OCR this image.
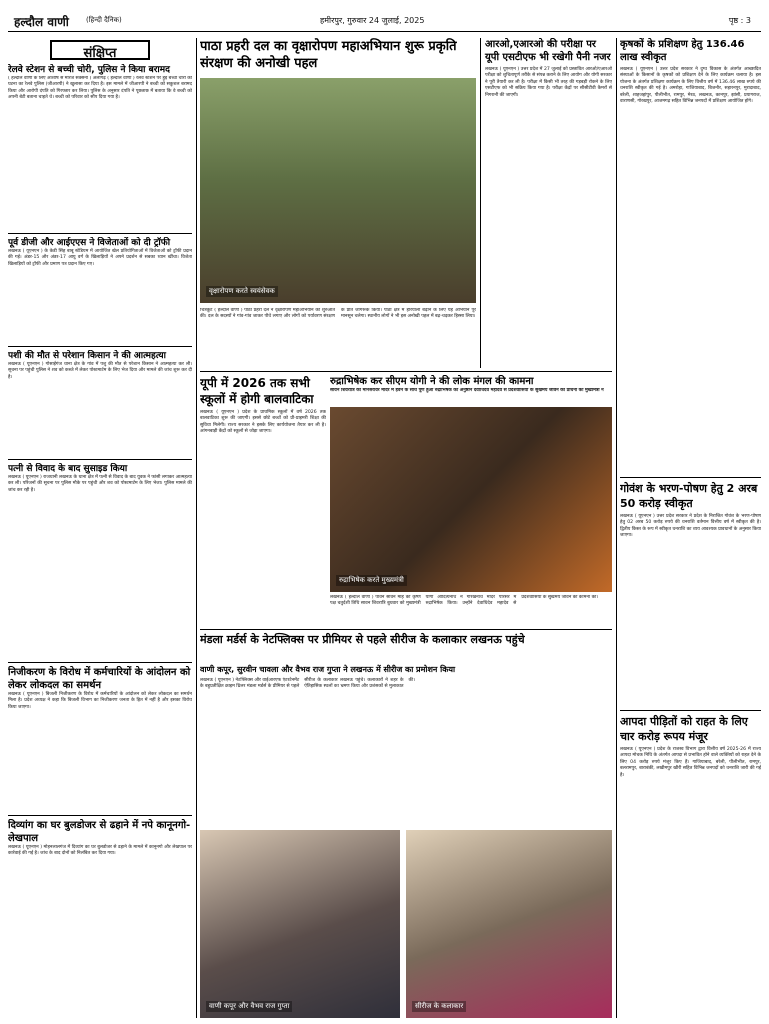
हल्दौल वाणी (हिन्दी दैनिक)	हमीरपुर, गुरुवार 24 जुलाई, 2025	पृष्ठ : 3
संक्षिप्त
रेलवे स्टेशन से बच्ची चोरी, पुलिस ने किया बरामद
( हल्दौल वाणी के लिए आशीष से मोरज सक्सेना ) अलीगढ़ ( हल्दौल वाणी ) रेलवे स्टेशन पर हुई बच्ची चोरी की घटना का रेलवे पुलिस (जीआरपी) ने खुलासा कर दिया है। इस मामले में जीआरपी ने बच्ची को सकुशल बरामद किया और आरोपी दंपति को गिरफ्तार कर लिया। पुलिस के अनुसार दंपति ने पूछताछ में बताया कि वे बच्ची को अपनी बेटी बताना चाहते थे। बच्ची को परिवार को सौंप दिया गया है।
पूर्व डीजी और आईएएस ने विजेताओं को दी ट्रॉफी
लखनऊ ( यूएनएन ) के केडी सिंह बाबू स्टेडियम में आयोजित खेल प्रतियोगिताओं में विजेताओं को ट्रॉफी प्रदान की गई। अंडर-15 और अंडर-17 आयु वर्ग के खिलाड़ियों ने अपने प्रदर्शन से सबका ध्यान खींचा। विजेता खिलाड़ियों को ट्रॉफी और प्रमाण पत्र प्रदान किए गए।
पशी की मौत से परेशान किसान ने की आत्महत्या
लखनऊ ( यूएनएन ) गोसाईगंज थाना क्षेत्र के गांव में पशु की मौत से परेशान किसान ने आत्महत्या कर ली। सूचना पर पहुंची पुलिस ने शव को कब्जे में लेकर पोस्टमार्टम के लिए भेज दिया और मामले की जांच शुरू कर दी है।
पत्नी से विवाद के बाद सुसाइड किया
लखनऊ ( यूएनएन ) राजधानी लखनऊ के थाना क्षेत्र में पत्नी से विवाद के बाद युवक ने फांसी लगाकर आत्महत्या कर ली। परिजनों की सूचना पर पुलिस मौके पर पहुंची और शव को पोस्टमार्टम के लिए भेजा। पुलिस मामले की जांच कर रही है।
निजीकरण के विरोध में कर्मचारियों के आंदोलन को लेकर लोकदल का समर्थन
लखनऊ ( यूएनएन ) बिजली निजीकरण के विरोध में कर्मचारियों के आंदोलन को लेकर लोकदल का समर्थन मिला है। प्रदेश अध्यक्ष ने कहा कि बिजली विभाग का निजीकरण जनता के हित में नहीं है और इसका विरोध किया जाएगा।
दिव्यांग का घर बुलडोजर से ढहाने में नपे कानूनगो-लेखपाल
लखनऊ ( यूएनएन ) मोहनलालगंज में दिव्यांग का घर बुलडोजर से ढहाने के मामले में कानूनगो और लेखपाल पर कार्रवाई की गई है। जांच के बाद दोनों को निलंबित कर दिया गया।
पाठा प्रहरी दल का वृक्षारोपण महाअभियान शुरू प्रकृति संरक्षण की अनोखी पहल
वृक्षारोपण करते स्वयंसेवक
चित्रकूट ( हल्दौल वाणी ) पाठा प्रहरी दल ने वृक्षारोपण महाअभियान की शुरुआत की। दल के सदस्यों ने गांव-गांव जाकर पौधे लगाए और लोगों को पर्यावरण संरक्षण के प्रति जागरूक किया। पाठा क्षेत्र में हरियाली बढ़ाने के लिए यह अभियान पूरे मानसून चलेगा। स्थानीय लोगों ने भी इस अनोखी पहल में बढ़-चढ़कर हिस्सा लिया।
आरओ,एआरओ की परीक्षा पर यूपी एसटीएफ भी रखेगी पैनी नजर
लखनऊ ( यूएनएन ) उत्तर प्रदेश में 27 जुलाई को प्रस्तावित आरओ/एआरओ परीक्षा को शुचितापूर्ण तरीके से संपन्न कराने के लिए आयोग और योगी सरकार ने पूरी तैयारी कर ली है। परीक्षा में किसी भी तरह की गड़बड़ी रोकने के लिए एसटीएफ को भी सक्रिय किया गया है। परीक्षा केंद्रों पर सीसीटीवी कैमरों से निगरानी की जाएगी।
यूपी में 2026 तक सभी स्कूलों में होगी बालवाटिका
लखनऊ ( यूएनएन ) प्रदेश के प्राथमिक स्कूलों में वर्ष 2026 तक बालवाटिका शुरू की जाएगी। इससे छोटे बच्चों को प्री-प्राइमरी शिक्षा की सुविधा मिलेगी। राज्य सरकार ने इसके लिए कार्ययोजना तैयार कर ली है। आंगनबाड़ी केंद्रों को स्कूलों से जोड़ा जाएगा।
रुद्राभिषेक कर सीएम योगी ने की लोक मंगल की कामना
सावन शिवरात्रि को मानसरोवर मंदिर में हवन के साथ पूर्ण हुआ रुद्राभिषेक का अनुष्ठान देवाधिदेव महादेव से प्रदेशवासियों के सुखमय जीवन की प्रार्थना की मुख्यमंत्री ने
रुद्राभिषेक करते मुख्यमंत्री
लखनऊ ( हल्दौल वाणी ) पावन सावन माह की कृष्ण पक्ष चतुर्दशी तिथि सावन शिवरात्रि बुधवार को मुख्यमंत्री योगी आदित्यनाथ ने गोरखनाथ मंदिर परिसर में रुद्राभिषेक किया। उन्होंने देवाधिदेव महादेव से प्रदेशवासियों के सुखमय जीवन की कामना की।
मंडला मर्डर्स के नेटफ्लिक्स पर प्रीमियर से पहले सीरीज के कलाकार लखनऊ पहुंचे
वाणी कपूर, सुरवीन चावला और वैभव राज गुप्ता ने लखनऊ में सीरीज का प्रमोशन किया
लखनऊ ( यूएनएन ) नेटफ्लिक्स और वाईआरएफ एंटरटेनमेंट के बहुप्रतीक्षित क्राइम थ्रिलर मंडला मर्डर्स के प्रीमियर से पहले सीरीज के कलाकार लखनऊ पहुंचे। कलाकारों ने शहर के ऐतिहासिक स्थलों का भ्रमण किया और प्रशंसकों से मुलाकात की।
वाणी कपूर और वैभव राज गुप्ता	सीरीज के कलाकार
कृषकों के प्रशिक्षण हेतु 136.46 लाख स्वीकृत
लखनऊ ( यूएनएन ) उत्तर प्रदेश सरकार ने दुग्ध विकास के अंतर्गत आच्छादित संस्थाओं के किसानों के कृषकों को प्रशिक्षण देने के लिए कार्यक्रम चलाया है। इस योजना के अंतर्गत प्रशिक्षण कार्यक्रम के लिए वित्तीय वर्ष में 136.46 लाख रुपये की धनराशि स्वीकृत की गई है। अमरोहा, गाजियाबाद, बिजनौर, सहारनपुर, मुरादाबाद, बरेली, शाहजहांपुर, पीलीभीत, रामपुर, मेरठ, लखनऊ, कानपुर, झांसी, प्रयागराज, वाराणसी, गोरखपुर, आजमगढ़ सहित विभिन्न जनपदों में प्रशिक्षण आयोजित होंगे।
गोवंश के भरण-पोषण हेतु 2 अरब 50 करोड़ स्वीकृत
लखनऊ ( यूएनएन ) उत्तर प्रदेश सरकार ने प्रदेश के निराश्रित गोवंश के भरण-पोषण हेतु 02 अरब 50 करोड़ रुपये की धनराशि वर्तमान वित्तीय वर्ष में स्वीकृत की है। द्वितीय किस्त के रूप में स्वीकृत धनराशि का व्यय आवश्यक प्रावधानों के अनुसार किया जाएगा।
आपदा पीड़ितों को राहत के लिए चार करोड़ रूपय मंजूर
लखनऊ ( यूएनएन ) प्रदेश के राजस्व विभाग द्वारा वित्तीय वर्ष 2025-26 में राज्य आपदा मोचक निधि के अंतर्गत आपदा से प्रभावित होने वाले व्यक्तियों को राहत देने के लिए 04 करोड़ रुपये मंजूर किए हैं। गाजियाबाद, बरेली, पीलीभीत, रामपुर, बलरामपुर, बाराबंकी, लखीमपुर खीरी सहित विभिन्न जनपदों को धनराशि जारी की गई है।
